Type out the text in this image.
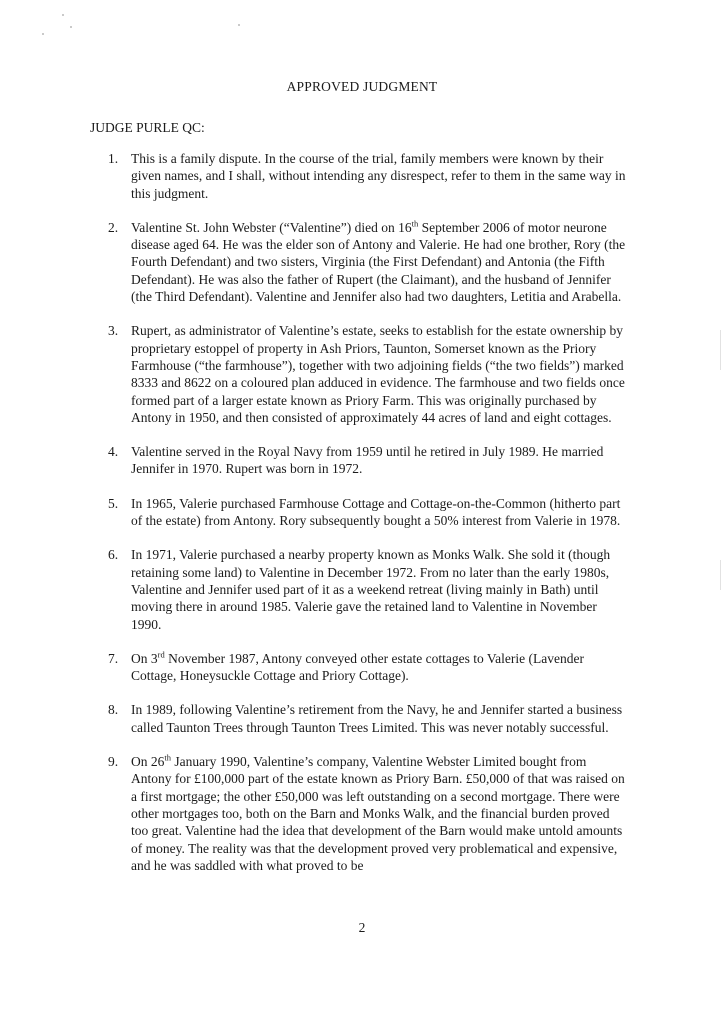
APPROVED JUDGMENT
JUDGE PURLE QC:
1. This is a family dispute. In the course of the trial, family members were known by their given names, and I shall, without intending any disrespect, refer to them in the same way in this judgment.
2. Valentine St. John Webster (“Valentine”) died on 16th September 2006 of motor neurone disease aged 64. He was the elder son of Antony and Valerie. He had one brother, Rory (the Fourth Defendant) and two sisters, Virginia (the First Defendant) and Antonia (the Fifth Defendant). He was also the father of Rupert (the Claimant), and the husband of Jennifer (the Third Defendant). Valentine and Jennifer also had two daughters, Letitia and Arabella.
3. Rupert, as administrator of Valentine’s estate, seeks to establish for the estate ownership by proprietary estoppel of property in Ash Priors, Taunton, Somerset known as the Priory Farmhouse (“the farmhouse”), together with two adjoining fields (“the two fields”) marked 8333 and 8622 on a coloured plan adduced in evidence. The farmhouse and two fields once formed part of a larger estate known as Priory Farm. This was originally purchased by Antony in 1950, and then consisted of approximately 44 acres of land and eight cottages.
4. Valentine served in the Royal Navy from 1959 until he retired in July 1989. He married Jennifer in 1970. Rupert was born in 1972.
5. In 1965, Valerie purchased Farmhouse Cottage and Cottage-on-the-Common (hitherto part of the estate) from Antony. Rory subsequently bought a 50% interest from Valerie in 1978.
6. In 1971, Valerie purchased a nearby property known as Monks Walk. She sold it (though retaining some land) to Valentine in December 1972. From no later than the early 1980s, Valentine and Jennifer used part of it as a weekend retreat (living mainly in Bath) until moving there in around 1985. Valerie gave the retained land to Valentine in November 1990.
7. On 3rd November 1987, Antony conveyed other estate cottages to Valerie (Lavender Cottage, Honeysuckle Cottage and Priory Cottage).
8. In 1989, following Valentine’s retirement from the Navy, he and Jennifer started a business called Taunton Trees through Taunton Trees Limited. This was never notably successful.
9. On 26th January 1990, Valentine’s company, Valentine Webster Limited bought from Antony for £100,000 part of the estate known as Priory Barn. £50,000 of that was raised on a first mortgage; the other £50,000 was left outstanding on a second mortgage. There were other mortgages too, both on the Barn and Monks Walk, and the financial burden proved too great. Valentine had the idea that development of the Barn would make untold amounts of money. The reality was that the development proved very problematical and expensive, and he was saddled with what proved to be
2
